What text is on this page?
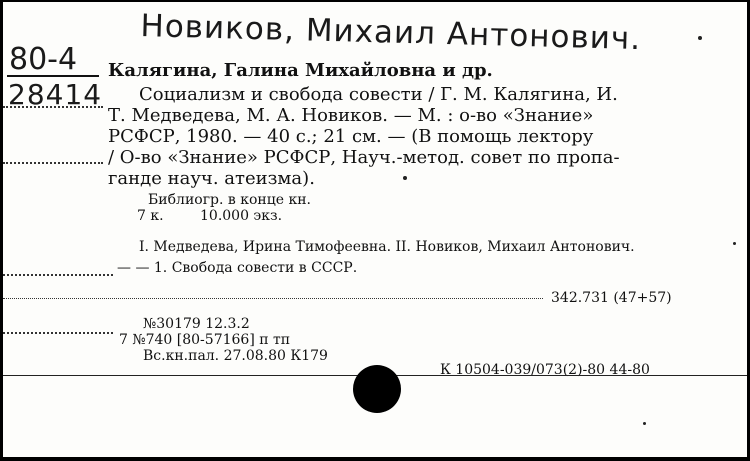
Новиков, Михаил Антонович.
80-4
28414
Калягина, Галина Михайловна и др.
Социализм и свобода совести / Г. М. Калягина, И.
Т. Медведева, М. А. Новиков. — М. : о-во «Знание»
РСФСР, 1980. — 40 с.; 21 см. — (В помощь лектору
/ О-во «Знание» РСФСР, Науч.-метод. совет по пропа-
ганде науч. атеизма).
Библиогр. в конце кн.
7 к.	10.000 экз.
I. Медведева, Ирина Тимофеевна. II. Новиков, Михаил Антонович.
— — 1. Свобода совести в СССР.
342.731 (47+57)
№30179 12.3.2
7 №740 [80-57166] п тп
Вс.кн.пал. 27.08.80 К179
К 10504-039/073(2)-80 44-80
